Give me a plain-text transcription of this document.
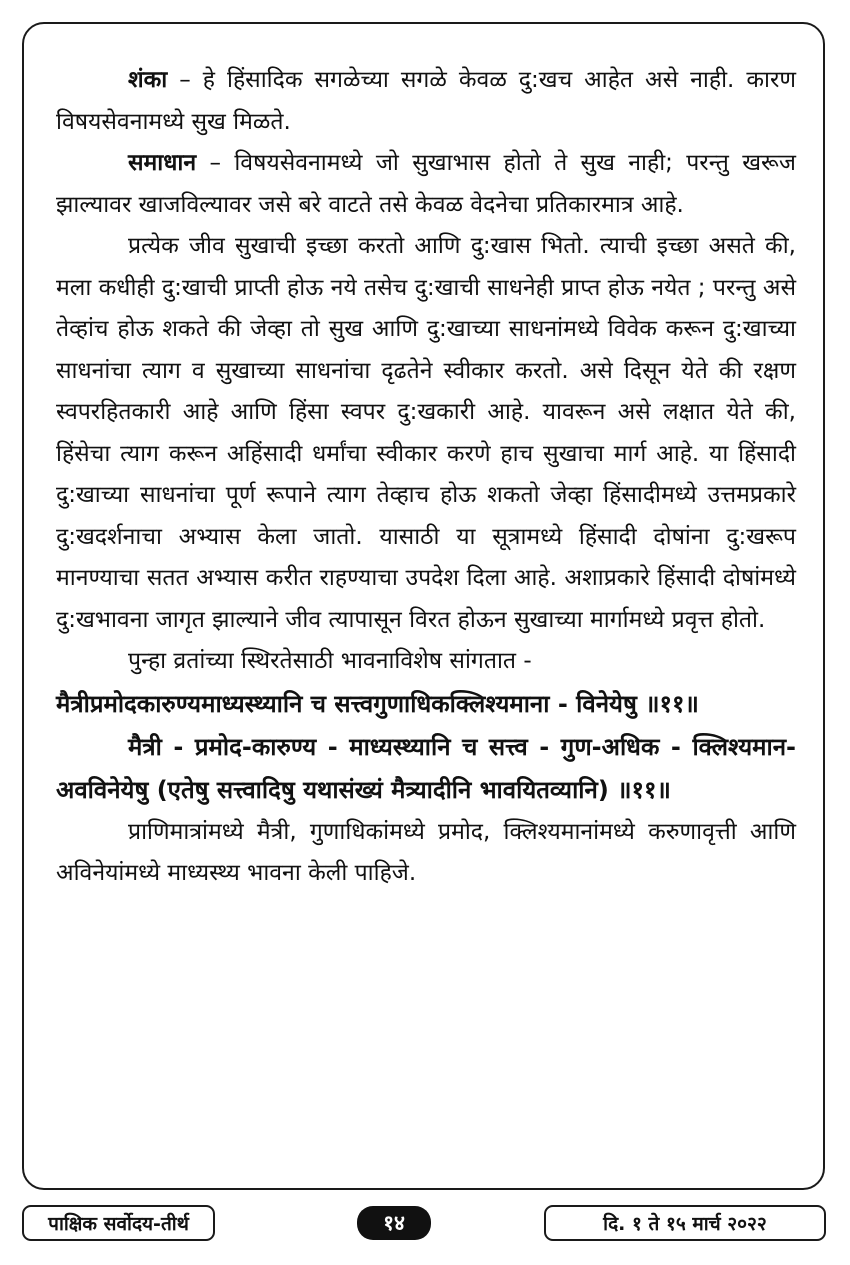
शंका – हे हिंसादिक सगळेच्या सगळे केवळ दु:खच आहेत असे नाही. कारण विषयसेवनामध्ये सुख मिळते.

समाधान – विषयसेवनामध्ये जो सुखाभास होतो ते सुख नाही; परन्तु खरूज झाल्यावर खाजविल्यावर जसे बरे वाटते तसे केवळ वेदनेचा प्रतिकारमात्र आहे.

प्रत्येक जीव सुखाची इच्छा करतो आणि दु:खास भितो. त्याची इच्छा असते की, मला कधीही दु:खाची प्राप्ती होऊ नये तसेच दु:खाची साधनेही प्राप्त होऊ नयेत ; परन्तु असे तेव्हांच होऊ शकते की जेव्हा तो सुख आणि दु:खाच्या साधनांमध्ये विवेक करून दु:खाच्या साधनांचा त्याग व सुखाच्या साधनांचा दृढतेने स्वीकार करतो. असे दिसून येते की रक्षण स्वपरहितकारी आहे आणि हिंसा स्वपर दु:खकारी आहे. यावरून असे लक्षात येते की, हिंसेचा त्याग करून अहिंसादी धर्मांचा स्वीकार करणे हाच सुखाचा मार्ग आहे. या हिंसादी दु:खाच्या साधनांचा पूर्ण रूपाने त्याग तेव्हाच होऊ शकतो जेव्हा हिंसादीमध्ये उत्तमप्रकारे दु:खदर्शनाचा अभ्यास केला जातो. यासाठी या सूत्रामध्ये हिंसादी दोषांना दु:खरूप मानण्याचा सतत अभ्यास करीत राहण्याचा उपदेश दिला आहे. अशाप्रकारे हिंसादी दोषांमध्ये दु:खभावना जागृत झाल्याने जीव त्यापासून विरत होऊन सुखाच्या मार्गामध्ये प्रवृत्त होतो.

पुन्हा व्रतांच्या स्थिरतेसाठी भावनाविशेष सांगतात -

मैत्रीप्रमोदकारुण्यमाध्यस्थ्यानि च सत्त्वगुणाधिकक्लिश्यमाना - विनेयेषु ॥११॥

मैत्री - प्रमोद-कारुण्य - माध्यस्थ्यानि च सत्त्व - गुण-अधिक - क्लिश्यमान- अवविनेयेषु (एतेषु सत्त्वादिषु यथासंख्यं मैत्र्यादीनि भावयितव्यानि) ॥११॥

प्राणिमात्रांमध्ये मैत्री, गुणाधिकांमध्ये प्रमोद, क्लिश्यमानांमध्ये करुणावृत्ती आणि अविनेयांमध्ये माध्यस्थ्य भावना केली पाहिजे.

पाक्षिक सर्वोदय-तीर्थ	१४	दि. १ ते १५ मार्च २०२२
